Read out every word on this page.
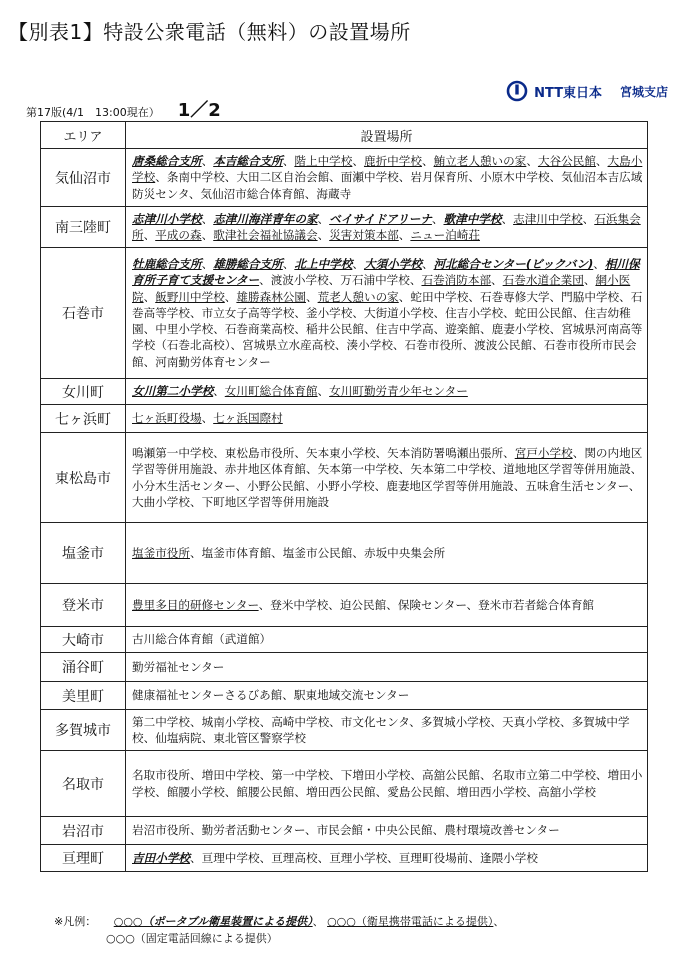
【別表1】特設公衆電話（無料）の設置場所
第17版(4/1　13:00現在） 1／2
NTT東日本 宮城支店
エリア	設置場所
気仙沼市	唐桑総合支所、本吉総合支所、階上中学校、鹿折中学校、鮪立老人憩いの家、大谷公民館、大島小学校、条南中学校、大田二区自治会館、面瀬中学校、岩月保育所、小原木中学校、気仙沼本吉広域防災センタ、気仙沼市総合体育館、海蔵寺
南三陸町	志津川小学校、志津川海洋青年の家、ベイサイドアリーナ、歌津中学校、志津川中学校、石浜集会所、平成の森、歌津社会福祉協議会、災害対策本部、ニュー泊崎荘
石巻市	牡鹿総合支所、雄勝総合支所、北上中学校、大須小学校、河北総合センター(ビックバン)、相川保育所子育て支援センター、渡波小学校、万石浦中学校、石巻消防本部、石巻水道企業団、網小医院、飯野川中学校、雄勝森林公園、荒老人憩いの家、蛇田中学校、石巻専修大学、門脇中学校、石巻高等学校、市立女子高等学校、釜小学校、大街道小学校、住吉小学校、蛇田公民館、住吉幼稚園、中里小学校、石巻商業高校、稲井公民館、住吉中学高、遊楽館、鹿妻小学校、宮城県河南高等学校（石巻北高校）、宮城県立水産高校、湊小学校、石巻市役所、渡波公民館、石巻市役所市民会館、河南勤労体育センター
女川町	女川第二小学校、女川町総合体育館、女川町勤労青少年センター
七ヶ浜町	七ヶ浜町役場、七ヶ浜国際村
東松島市	鳴瀬第一中学校、東松島市役所、矢本東小学校、矢本消防署鳴瀬出張所、宮戸小学校、関の内地区学習等併用施設、赤井地区体育館、矢本第一中学校、矢本第二中学校、道地地区学習等併用施設、小分木生活センター、小野公民館、小野小学校、鹿妻地区学習等併用施設、五味倉生活センター、大曲小学校、下町地区学習等併用施設
塩釜市	塩釜市役所、塩釜市体育館、塩釜市公民館、赤坂中央集会所
登米市	豊里多目的研修センター、登米中学校、迫公民館、保険センター、登米市若者総合体育館
大崎市	古川総合体育館（武道館）
涌谷町	勤労福祉センター
美里町	健康福祉センターさるびあ館、駅東地域交流センター
多賀城市	第二中学校、城南小学校、高崎中学校、市文化センタ、多賀城小学校、天真小学校、多賀城中学校、仙塩病院、東北管区警察学校
名取市	名取市役所、増田中学校、第一中学校、下増田小学校、高舘公民館、名取市立第二中学校、増田小学校、館腰小学校、館腰公民館、増田西公民館、愛島公民館、増田西小学校、高舘小学校
岩沼市	岩沼市役所、勤労者活動センター、市民会館・中央公民館、農村環境改善センター
亘理町	吉田小学校、亘理中学校、亘理高校、亘理小学校、亘理町役場前、逢隈小学校
※凡例： ○○○（ポータブル衛星装置による提供）、 ○○○（衛星携帯電話による提供）、
○○○（固定電話回線による提供）
